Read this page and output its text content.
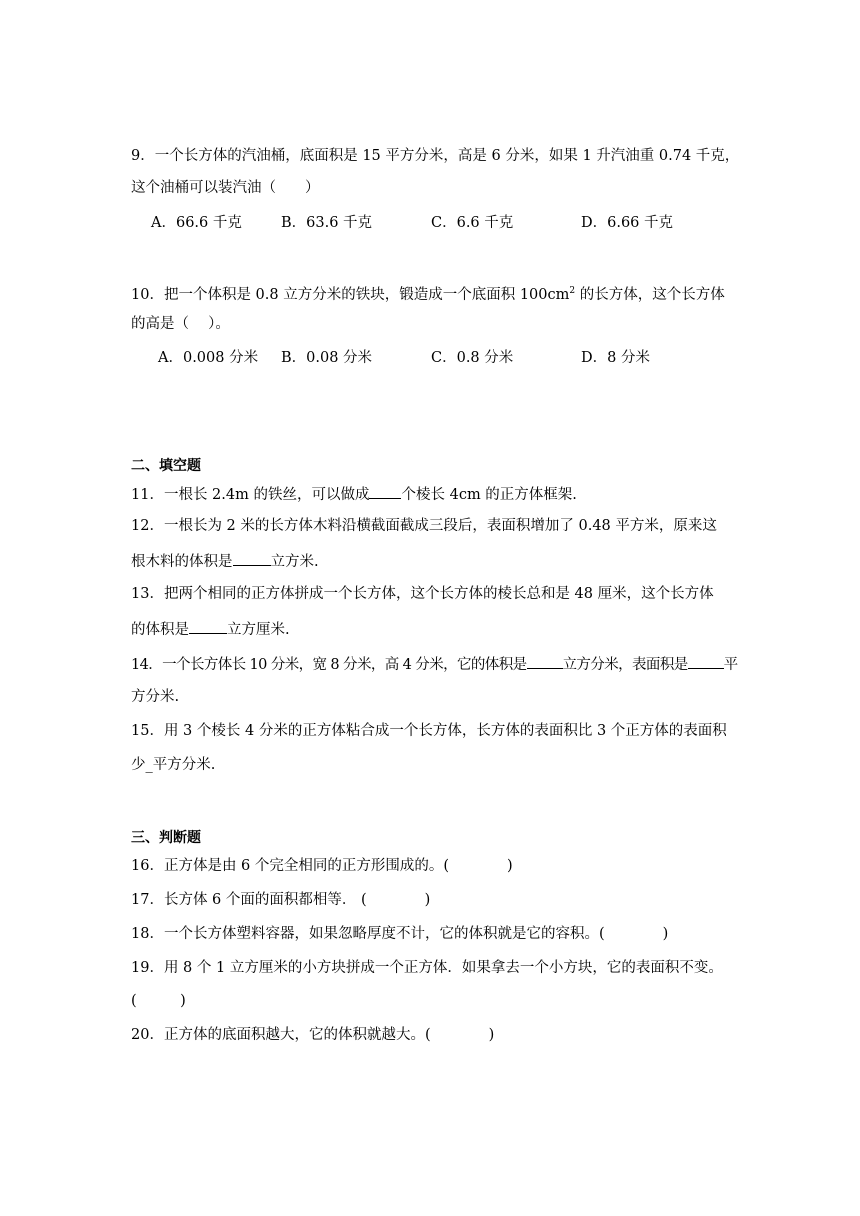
9．一个长方体的汽油桶，底面积是 15 平方分米，高是 6 分米，如果 1 升汽油重 0.74 千克，
这个油桶可以装汽油（　　）
A．66.6 千克	B．63.6 千克	C．6.6 千克	D．6.66 千克
10．把一个体积是 0.8 立方分米的铁块，锻造成一个底面积 $100cm^2$ 的长方体，这个长方体
的高是（　 ）。
A．0.008 分米 B．0.08 分米	C．0.8 分米	D．8 分米
二、填空题
11．一根长 2.4m 的铁丝，可以做成 个棱长 4cm 的正方体框架.
12．一根长为 2 米的长方体木料沿横截面截成三段后，表面积增加了 0.48 平方米，原来这
根木料的体积是	立方米.
13．把两个相同的正方体拼成一个长方体，这个长方体的棱长总和是 48 厘米，这个长方体
的体积是	立方厘米.
14．一个长方体长 10 分米，宽 8 分米，高 4 分米，它的体积是 立方分米，表面积是 平
方分米.
15．用 3 个棱长 4 分米的正方体粘合成一个长方体，长方体的表面积比 3 个正方体的表面积
少_平方分米.
三、判断题
16．正方体是由 6 个完全相同的正方形围成的。(　　　　)
17．长方体 6 个面的面积都相等． (　　　　)
18．一个长方体塑料容器，如果忽略厚度不计，它的体积就是它的容积。(　　　　)
19．用 8 个 1 立方厘米的小方块拼成一个正方体．如果拿去一个小方块，它的表面积不变。
(　　　)
20．正方体的底面积越大，它的体积就越大。(　　　　)
